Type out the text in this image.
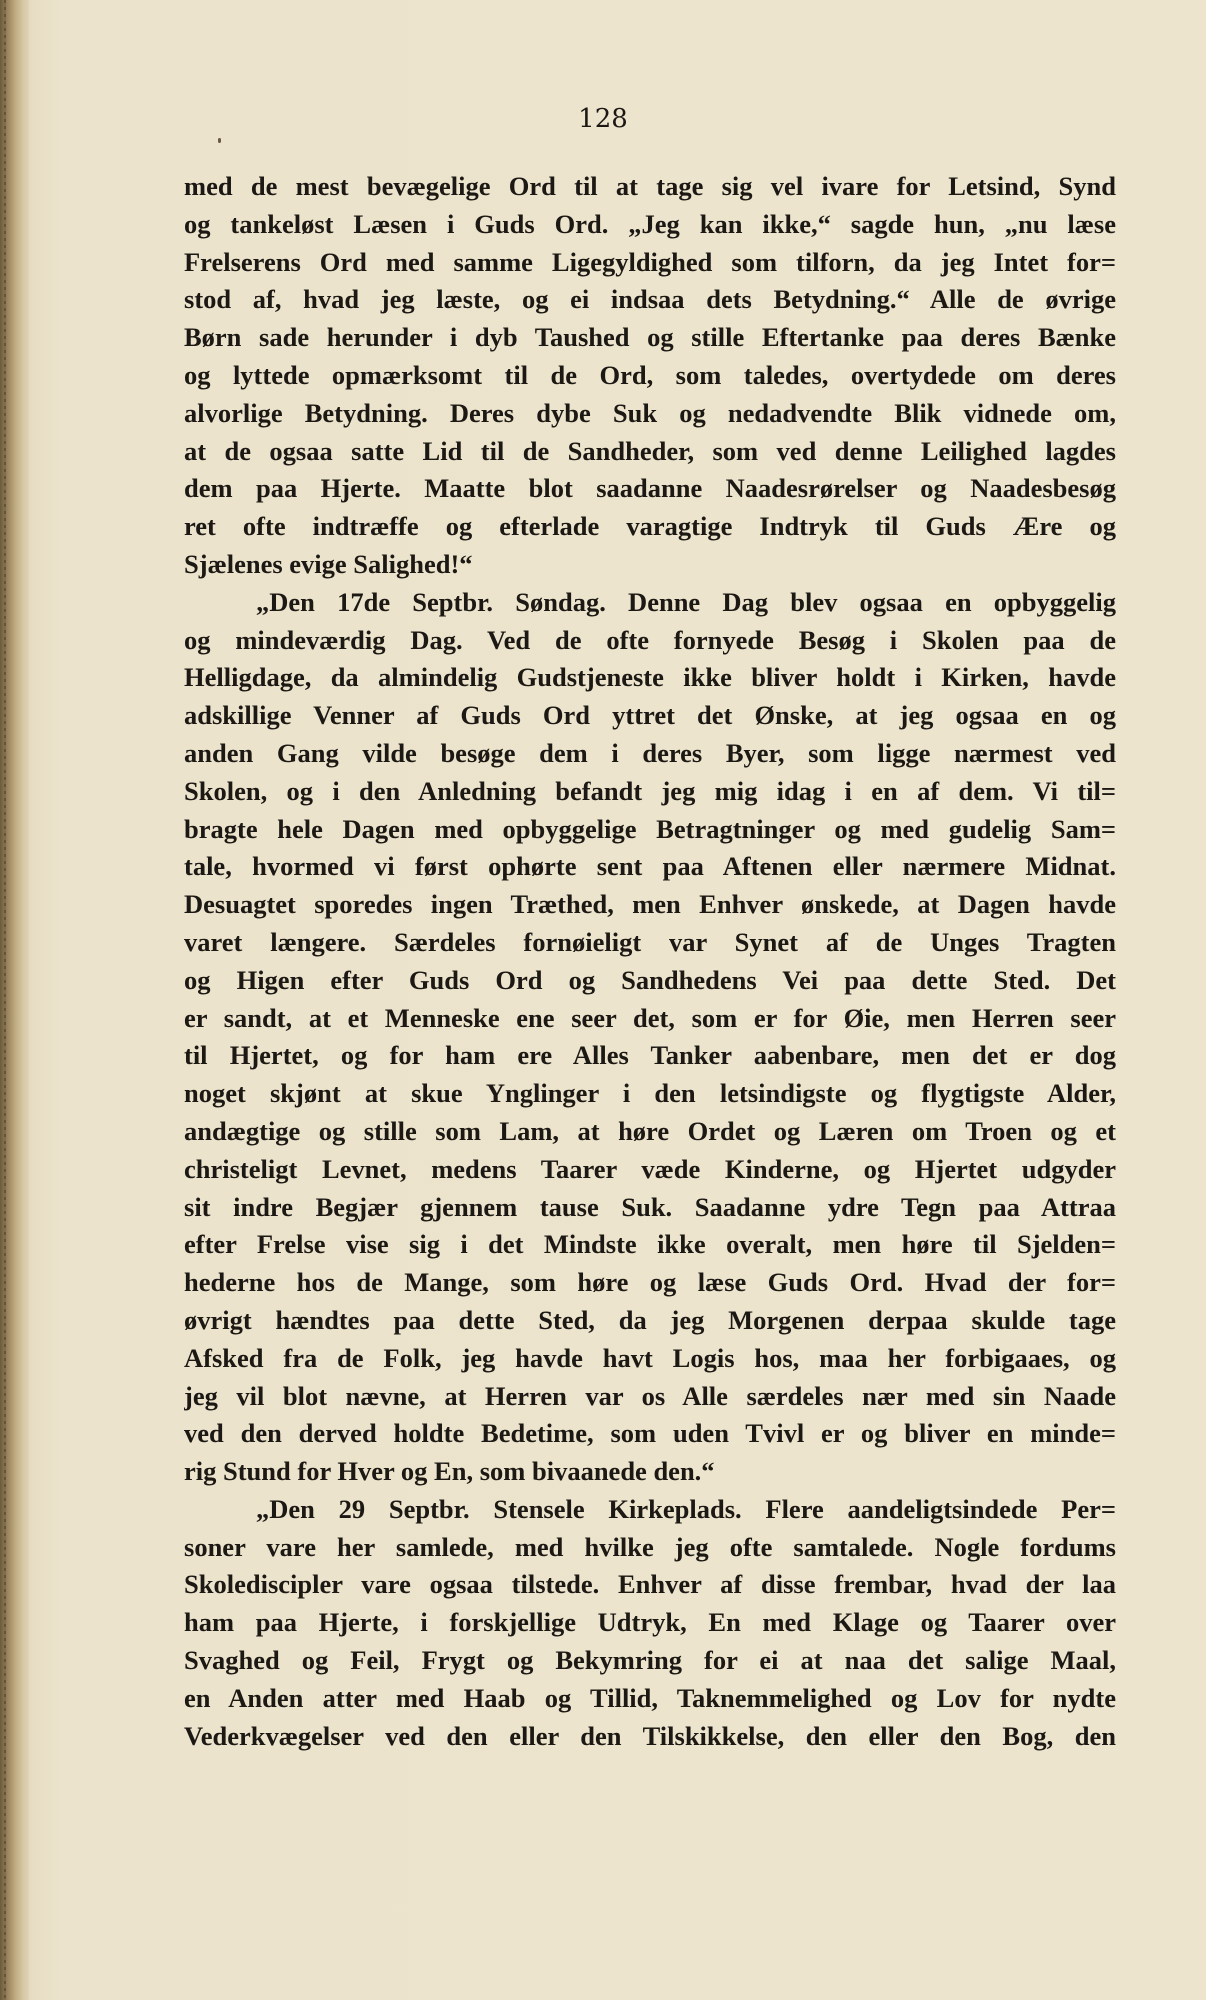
128
med de mest bevægelige Ord til at tage sig vel ivare for Letsind, Synd
og tankeløst Læsen i Guds Ord. „Jeg kan ikke,“ sagde hun, „nu læse
Frelserens Ord med samme Ligegyldighed som tilforn, da jeg Intet for=
stod af, hvad jeg læste, og ei indsaa dets Betydning.“ Alle de øvrige
Børn sade herunder i dyb Taushed og stille Eftertanke paa deres Bænke
og lyttede opmærksomt til de Ord, som taledes, overtydede om deres
alvorlige Betydning. Deres dybe Suk og nedadvendte Blik vidnede om,
at de ogsaa satte Lid til de Sandheder, som ved denne Leilighed lagdes
dem paa Hjerte. Maatte blot saadanne Naadesrørelser og Naadesbesøg
ret ofte indtræffe og efterlade varagtige Indtryk til Guds Ære og
Sjælenes evige Salighed!“
„Den 17de Septbr. Søndag. Denne Dag blev ogsaa en opbyggelig
og mindeværdig Dag. Ved de ofte fornyede Besøg i Skolen paa de
Helligdage, da almindelig Gudstjeneste ikke bliver holdt i Kirken, havde
adskillige Venner af Guds Ord yttret det Ønske, at jeg ogsaa en og
anden Gang vilde besøge dem i deres Byer, som ligge nærmest ved
Skolen, og i den Anledning befandt jeg mig idag i en af dem. Vi til=
bragte hele Dagen med opbyggelige Betragtninger og med gudelig Sam=
tale, hvormed vi først ophørte sent paa Aftenen eller nærmere Midnat.
Desuagtet sporedes ingen Træthed, men Enhver ønskede, at Dagen havde
varet længere. Særdeles fornøieligt var Synet af de Unges Tragten
og Higen efter Guds Ord og Sandhedens Vei paa dette Sted. Det
er sandt, at et Menneske ene seer det, som er for Øie, men Herren seer
til Hjertet, og for ham ere Alles Tanker aabenbare, men det er dog
noget skjønt at skue Ynglinger i den letsindigste og flygtigste Alder,
andægtige og stille som Lam, at høre Ordet og Læren om Troen og et
christeligt Levnet, medens Taarer væde Kinderne, og Hjertet udgyder
sit indre Begjær gjennem tause Suk. Saadanne ydre Tegn paa Attraa
efter Frelse vise sig i det Mindste ikke overalt, men høre til Sjelden=
hederne hos de Mange, som høre og læse Guds Ord. Hvad der for=
øvrigt hændtes paa dette Sted, da jeg Morgenen derpaa skulde tage
Afsked fra de Folk, jeg havde havt Logis hos, maa her forbigaaes, og
jeg vil blot nævne, at Herren var os Alle særdeles nær med sin Naade
ved den derved holdte Bedetime, som uden Tvivl er og bliver en minde=
rig Stund for Hver og En, som bivaanede den.“
„Den 29 Septbr. Stensele Kirkeplads. Flere aandeligtsindede Per=
soner vare her samlede, med hvilke jeg ofte samtalede. Nogle fordums
Skolediscipler vare ogsaa tilstede. Enhver af disse frembar, hvad der laa
ham paa Hjerte, i forskjellige Udtryk, En med Klage og Taarer over
Svaghed og Feil, Frygt og Bekymring for ei at naa det salige Maal,
en Anden atter med Haab og Tillid, Taknemmelighed og Lov for nydte
Vederkvægelser ved den eller den Tilskikkelse, den eller den Bog, den
